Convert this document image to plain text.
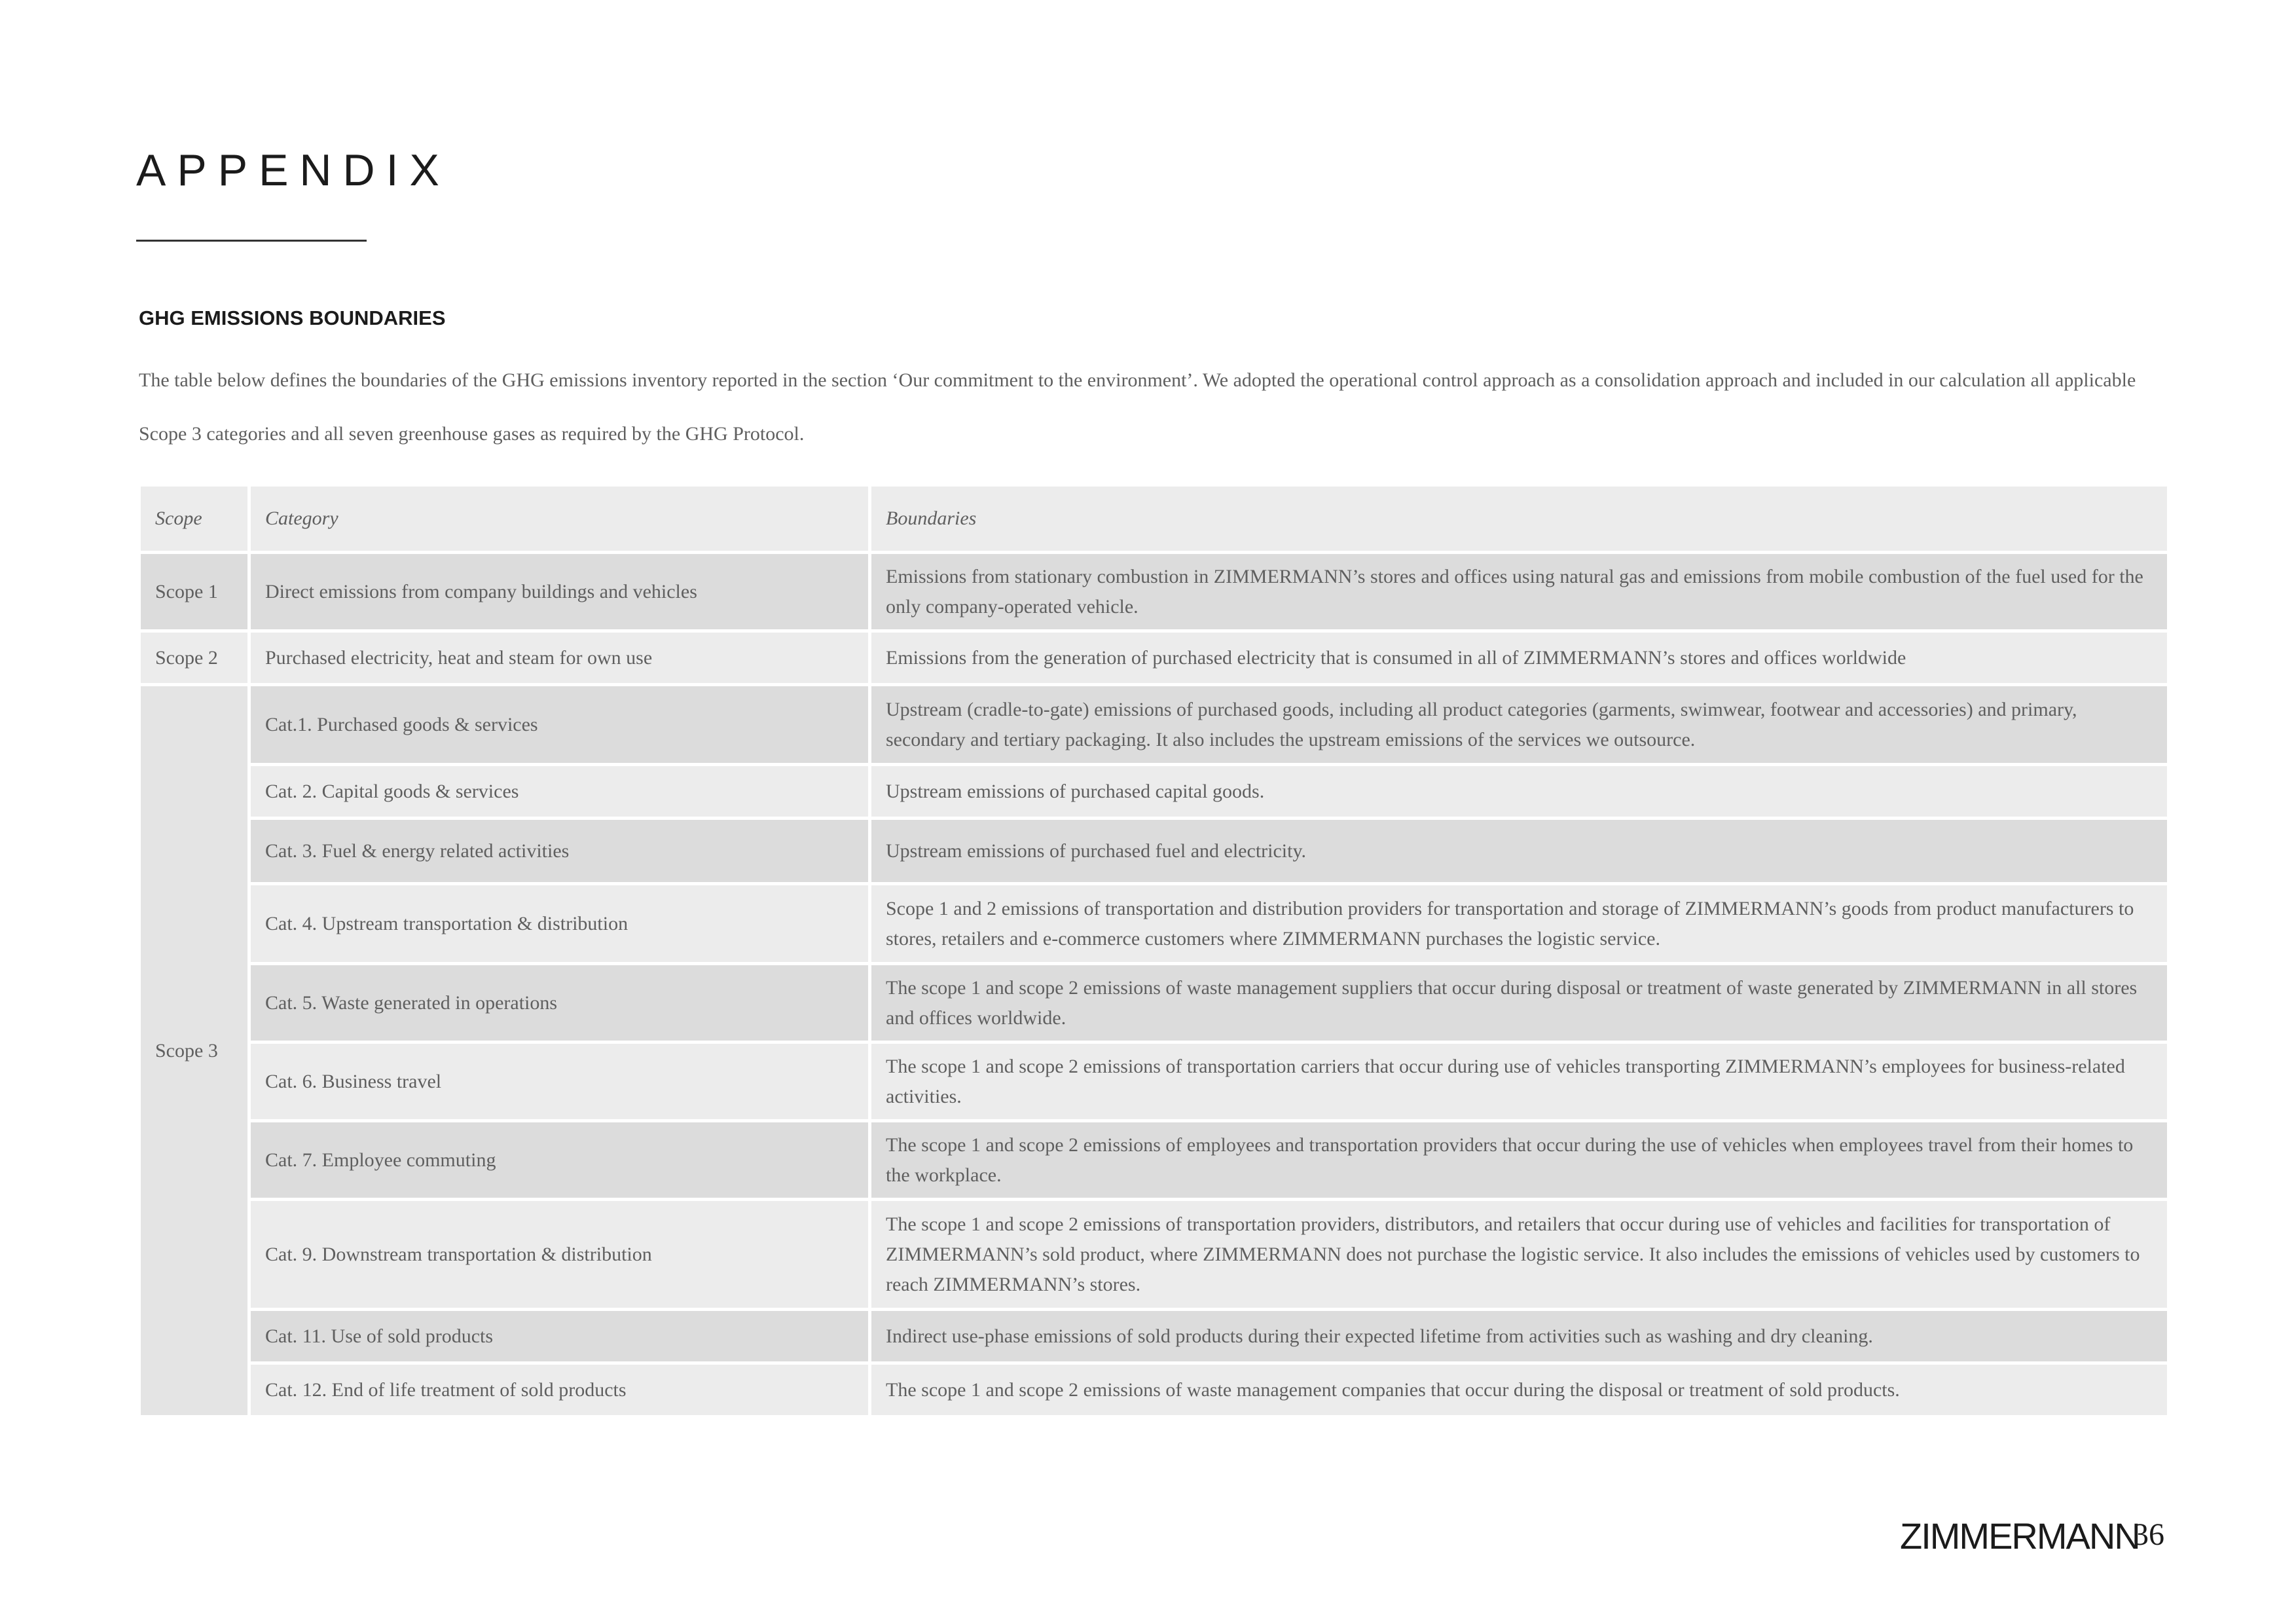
APPENDIX
GHG EMISSIONS BOUNDARIES

The table below defines the boundaries of the GHG emissions inventory reported in the section ‘Our commitment to the environment’. We adopted the operational control approach as a consolidation approach and included in our calculation all applicable Scope 3 categories and all seven greenhouse gases as required by the GHG Protocol.

Scope	Category	Boundaries
Scope 1	Direct emissions from company buildings and vehicles	Emissions from stationary combustion in ZIMMERMANN’s stores and offices using natural gas and emissions from mobile combustion of the fuel used for the only company-operated vehicle.
Scope 2	Purchased electricity, heat and steam for own use	Emissions from the generation of purchased electricity that is consumed in all of ZIMMERMANN’s stores and offices worldwide
Scope 3	Cat.1. Purchased goods & services	Upstream (cradle-to-gate) emissions of purchased goods, including all product categories (garments, swimwear, footwear and accessories) and primary, secondary and tertiary packaging. It also includes the upstream emissions of the services we outsource.
	Cat. 2. Capital goods & services	Upstream emissions of purchased capital goods.
	Cat. 3. Fuel & energy related activities	Upstream emissions of purchased fuel and electricity.
	Cat. 4. Upstream transportation & distribution	Scope 1 and 2 emissions of transportation and distribution providers for transportation and storage of ZIMMERMANN’s goods from product manufacturers to stores, retailers and e-commerce customers where ZIMMERMANN purchases the logistic service.
	Cat. 5. Waste generated in operations	The scope 1 and scope 2 emissions of waste management suppliers that occur during disposal or treatment of waste generated by ZIMMERMANN in all stores and offices worldwide.
	Cat. 6. Business travel	The scope 1 and scope 2 emissions of transportation carriers that occur during use of vehicles transporting ZIMMERMANN’s employees for business-related activities.
	Cat. 7. Employee commuting	The scope 1 and scope 2 emissions of employees and transportation providers that occur during the use of vehicles when employees travel from their homes to the workplace.
	Cat. 9. Downstream transportation & distribution	The scope 1 and scope 2 emissions of transportation providers, distributors, and retailers that occur during use of vehicles and facilities for transportation of ZIMMERMANN’s sold product, where ZIMMERMANN does not purchase the logistic service. It also includes the emissions of vehicles used by customers to reach ZIMMERMANN’s stores.
	Cat. 11. Use of sold products	Indirect use-phase emissions of sold products during their expected lifetime from activities such as washing and dry cleaning.
	Cat. 12. End of life treatment of sold products	The scope 1 and scope 2 emissions of waste management companies that occur during the disposal or treatment of sold products.
ZIMMERMANN
36
